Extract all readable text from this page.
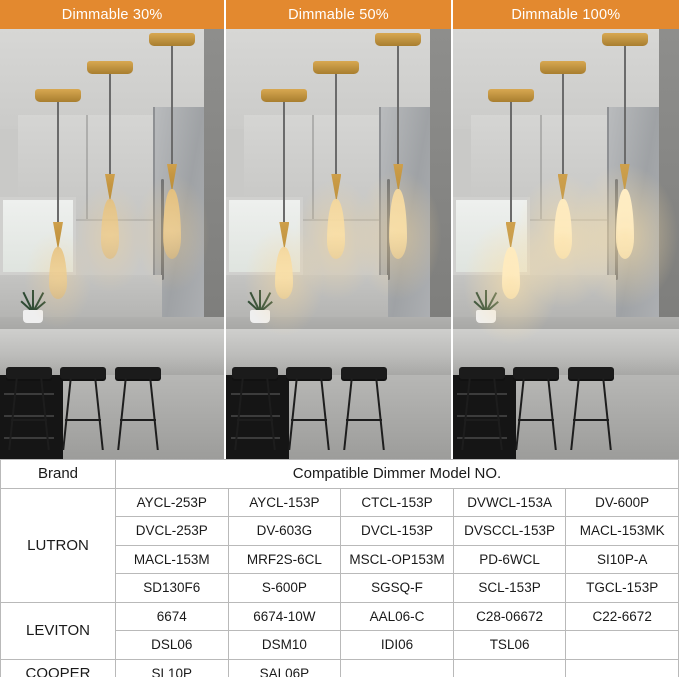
Dimmable 30%	Dimmable 50%	Dimmable 100%
Brand	Compatible Dimmer Model NO.				
LUTRON	AYCL-253P	AYCL-153P	CTCL-153P	DVWCL-153A	DV-600P
	DVCL-253P	DV-603G	DVCL-153P	DVSCCL-153P	MACL-153MK
	MACL-153M	MRF2S-6CL	MSCL-OP153M	PD-6WCL	SI10P-A
	SD130F6	S-600P	SGSQ-F	SCL-153P	TGCL-153P
LEVITON	6674	6674-10W	AAL06-C	C28-06672	C22-6672
	DSL06	DSM10	IDI06	TSL06	
COOPER	SL10P	SAL06P			
